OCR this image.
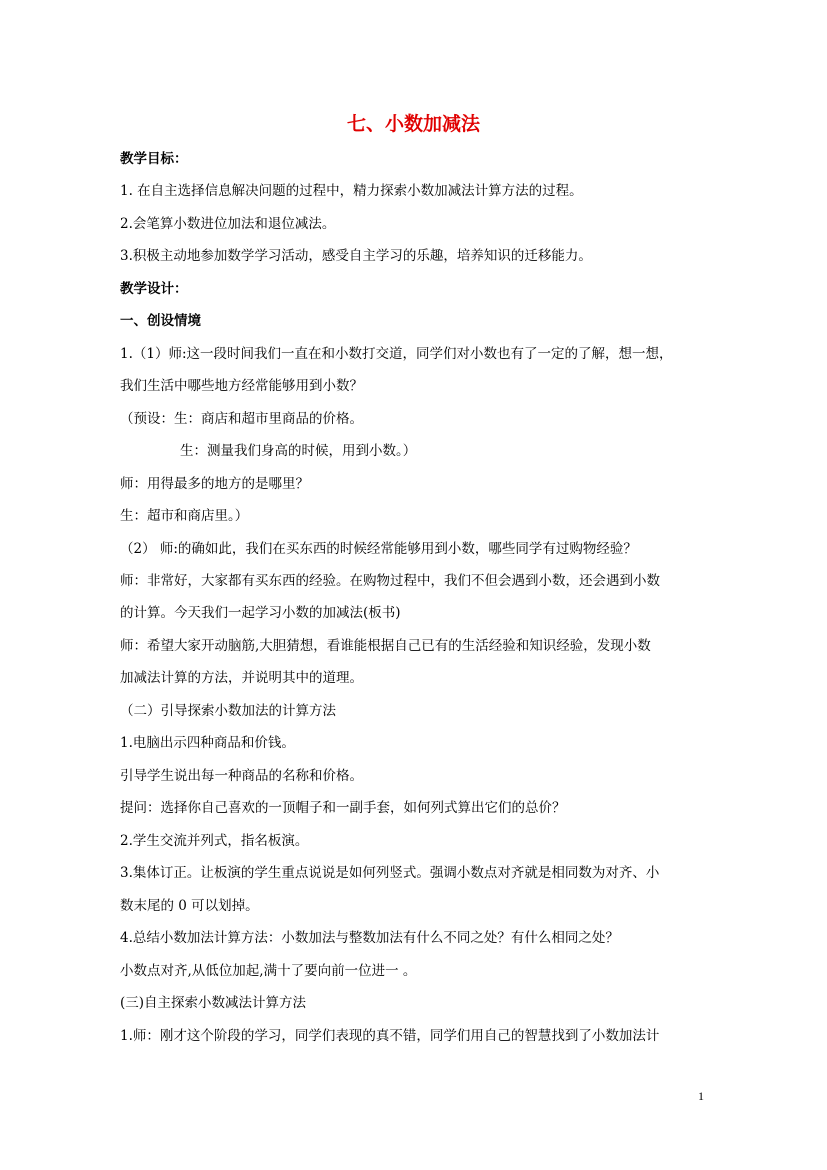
七、小数加减法
教学目标：
1. 在自主选择信息解决问题的过程中，精力探索小数加减法计算方法的过程。
2.会笔算小数进位加法和退位减法。
3.积极主动地参加数学学习活动，感受自主学习的乐趣，培养知识的迁移能力。
教学设计：
一、创设情境
1.（1）师:这一段时间我们一直在和小数打交道，同学们对小数也有了一定的了解，想一想，
我们生活中哪些地方经常能够用到小数？
（预设：生：商店和超市里商品的价格。
生：测量我们身高的时候，用到小数。）
师：用得最多的地方的是哪里？
生：超市和商店里。）
（2） 师:的确如此，我们在买东西的时候经常能够用到小数，哪些同学有过购物经验？
师：非常好，大家都有买东西的经验。在购物过程中，我们不但会遇到小数，还会遇到小数
的计算。今天我们一起学习小数的加减法(板书)
师：希望大家开动脑筋,大胆猜想，看谁能根据自己已有的生活经验和知识经验，发现小数
加减法计算的方法，并说明其中的道理。
（二）引导探索小数加法的计算方法
1.电脑出示四种商品和价钱。
引导学生说出每一种商品的名称和价格。
提问：选择你自己喜欢的一顶帽子和一副手套，如何列式算出它们的总价？
2.学生交流并列式，指名板演。
3.集体订正。让板演的学生重点说说是如何列竖式。强调小数点对齐就是相同数为对齐、小
数末尾的 0 可以划掉。
4.总结小数加法计算方法：小数加法与整数加法有什么不同之处？有什么相同之处？
小数点对齐,从低位加起,满十了要向前一位进一 。
(三)自主探索小数减法计算方法
1.师：刚才这个阶段的学习，同学们表现的真不错，同学们用自己的智慧找到了小数加法计
1
